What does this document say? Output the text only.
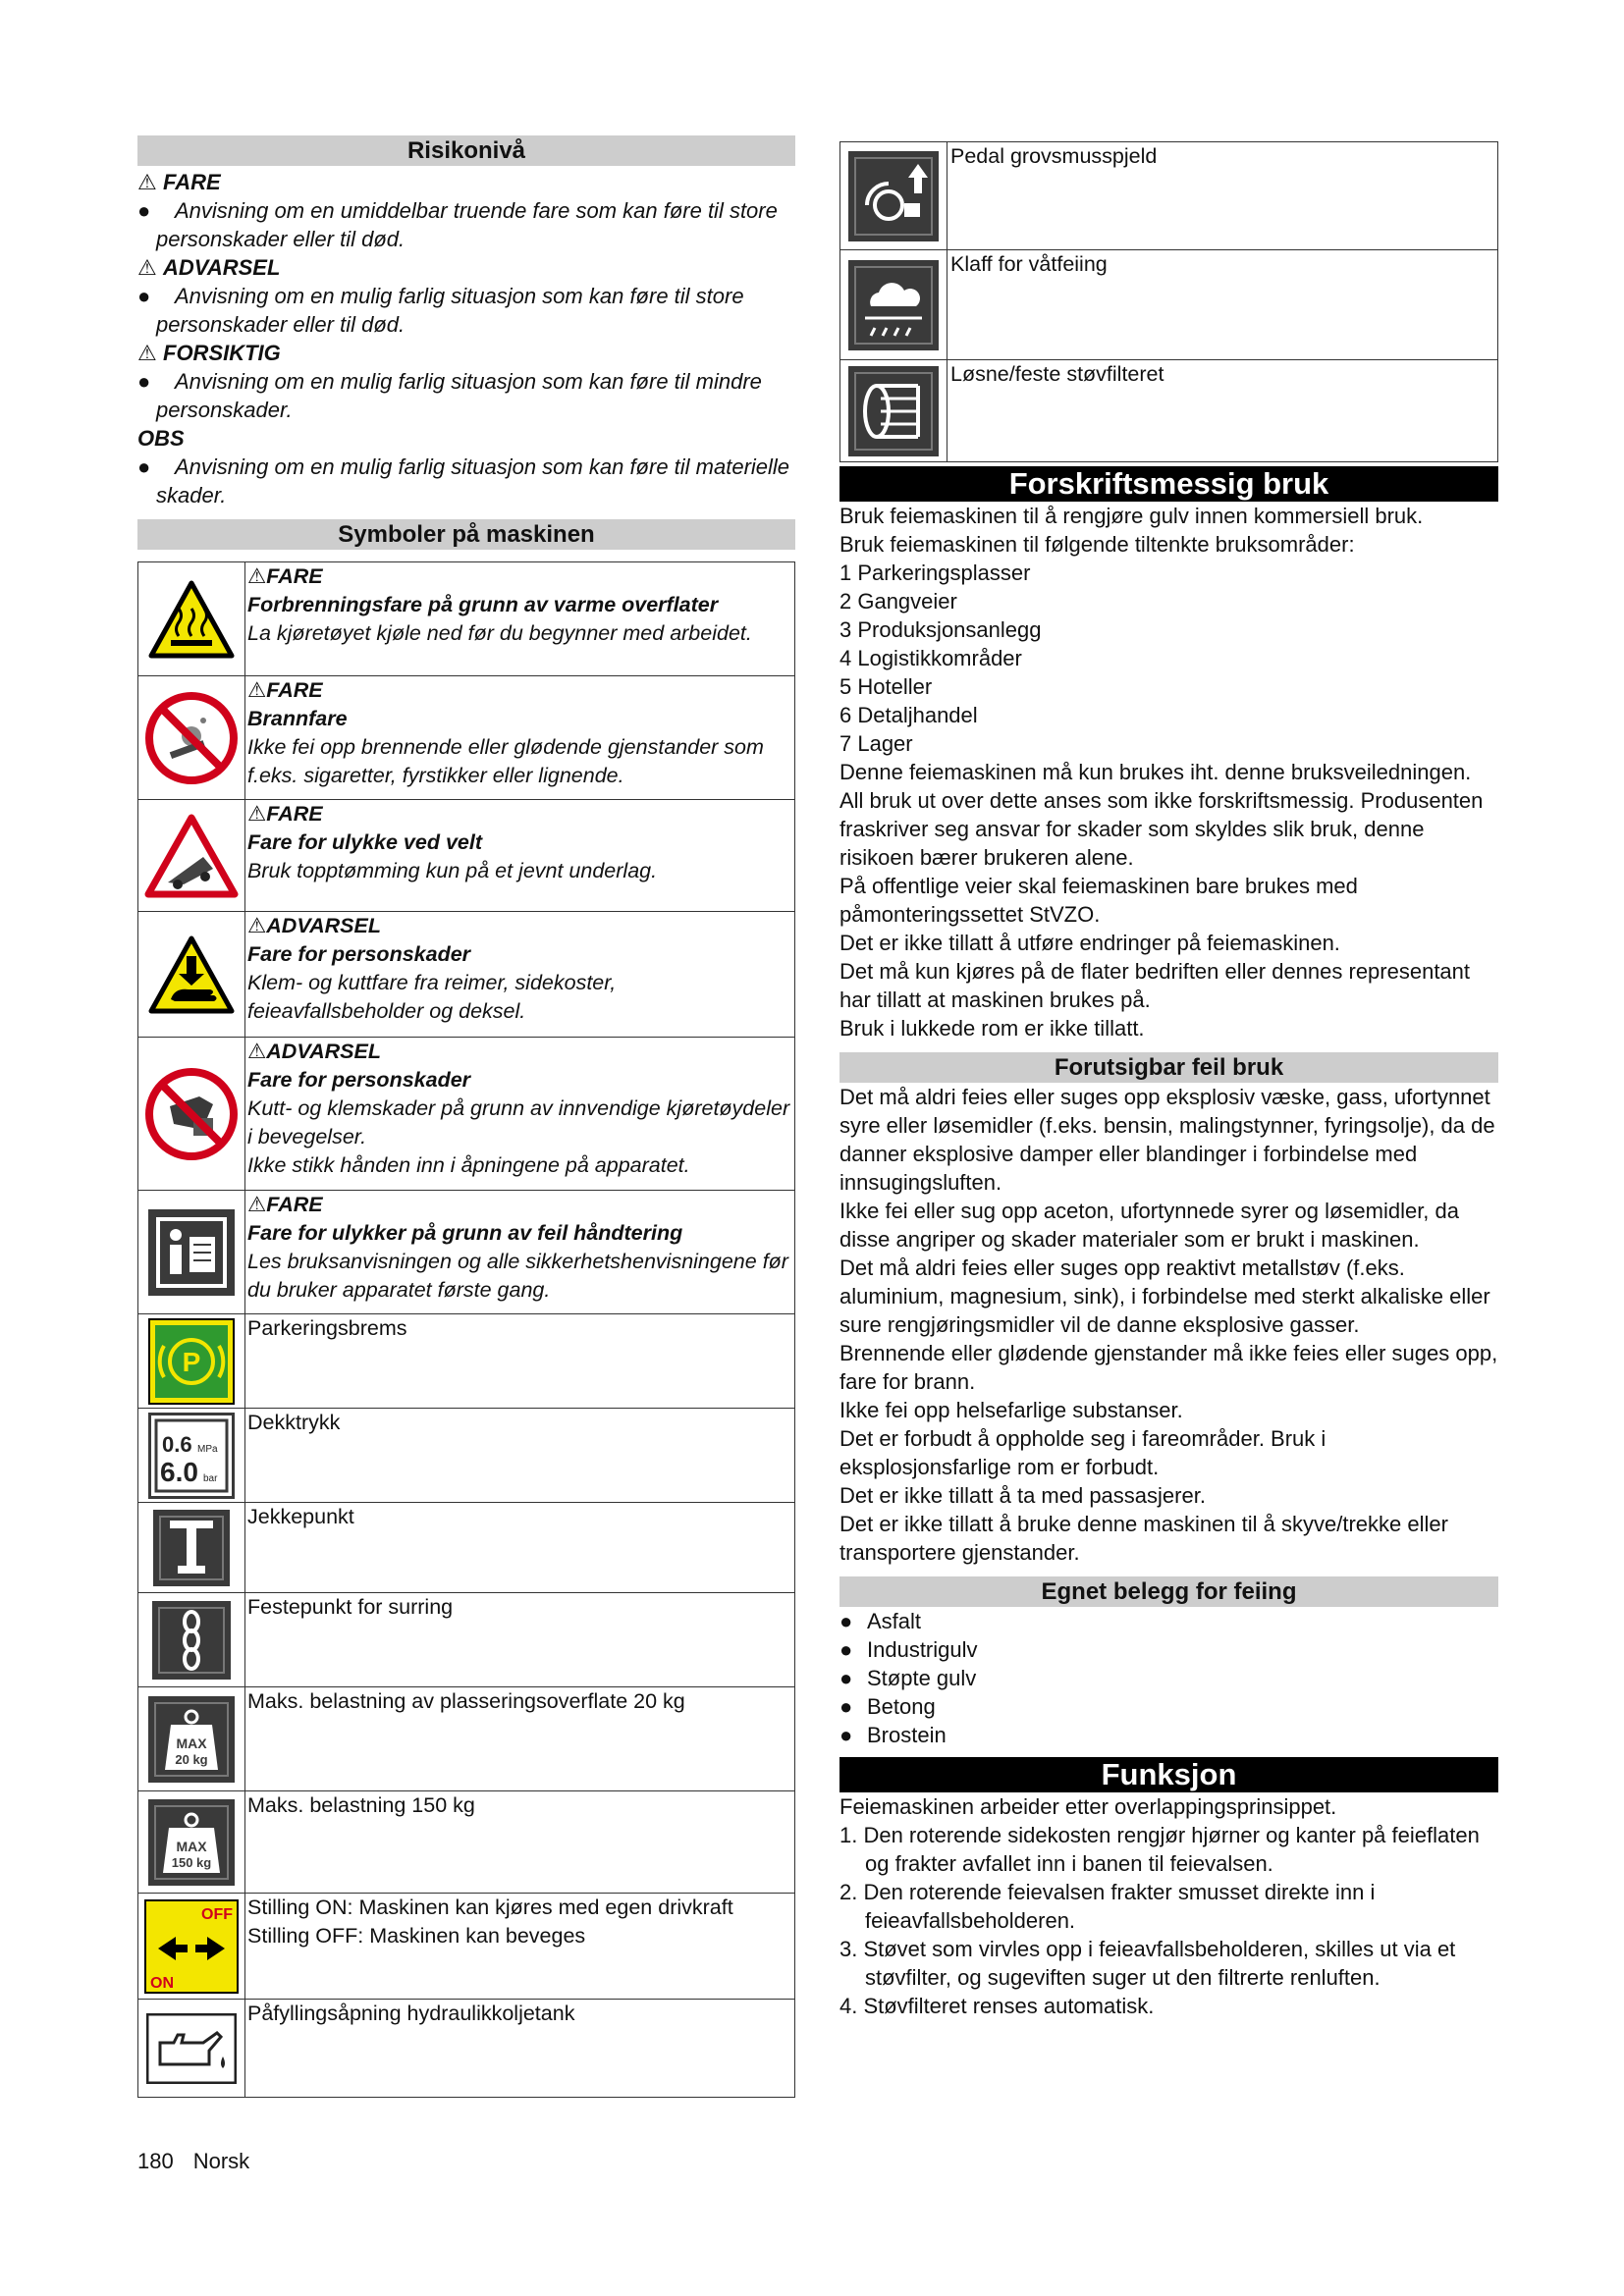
Risikonivå
⚠ FARE
●	Anvisning om en umiddelbar truende fare som kan føre til store personskader eller til død.
⚠ ADVARSEL
●	Anvisning om en mulig farlig situasjon som kan føre til store personskader eller til død.
⚠ FORSIKTIG
●	Anvisning om en mulig farlig situasjon som kan føre til mindre personskader.
OBS
●	Anvisning om en mulig farlig situasjon som kan føre til materielle skader.
Symboler på maskinen

⚠FARE
Forbrenningsfare på grunn av varme overflater
La kjøretøyet kjøle ned før du begynner med arbeidet.

⚠FARE
Brannfare
Ikke fei opp brennende eller glødende gjenstander som f.eks. sigaretter, fyrstikker eller lignende.

⚠FARE
Fare for ulykke ved velt
Bruk topptømming kun på et jevnt underlag.

⚠ADVARSEL
Fare for personskader
Klem- og kuttfare fra reimer, sidekoster, feieavfallsbeholder og deksel.

⚠ADVARSEL
Fare for personskader
Kutt- og klemskader på grunn av innvendige kjøretøydeler i bevegelser.
Ikke stikk hånden inn i åpningene på apparatet.

⚠FARE
Fare for ulykker på grunn av feil håndtering
Les bruksanvisningen og alle sikkerhetshenvisningene før du bruker apparatet første gang.

P	Parkeringsbrems

0.6 MPa
6.0 bar	Dekktrykk

Jekkepunkt

Festepunkt for surring

MAX
20 kg	Maks. belastning av plasseringsoverflate 20 kg

MAX
150 kg	Maks. belastning 150 kg

OFF
ON	Stilling ON: Maskinen kan kjøres med egen drivkraft
Stilling OFF: Maskinen kan beveges

Påfyllingsåpning hydraulikkoljetank
	Pedal grovsmusspjeld

	Klaff for våtfeiing

	Løsne/feste støvfilteret
Forskriftsmessig bruk

Bruk feiemaskinen til å rengjøre gulv innen kommersiell bruk.

Bruk feiemaskinen til følgende tiltenkte bruksområder:

1 Parkeringsplasser

2 Gangveier

3 Produksjonsanlegg

4 Logistikkområder

5 Hoteller

6 Detaljhandel

7 Lager

Denne feiemaskinen må kun brukes iht. denne bruksveiledningen. All bruk ut over dette anses som ikke forskriftsmessig. Produsenten fraskriver seg ansvar for skader som skyldes slik bruk, denne risikoen bærer brukeren alene.

På offentlige veier skal feiemaskinen bare brukes med påmonteringssettet StVZO.

Det er ikke tillatt å utføre endringer på feiemaskinen.

Det må kun kjøres på de flater bedriften eller dennes representant har tillatt at maskinen brukes på.

Bruk i lukkede rom er ikke tillatt.

Forutsigbar feil bruk

Det må aldri feies eller suges opp eksplosiv væske, gass, ufortynnet syre eller løsemidler (f.eks. bensin, malingstynner, fyringsolje), da de danner eksplosive damper eller blandinger i forbindelse med innsugingsluften.

Ikke fei eller sug opp aceton, ufortynnede syrer og løsemidler, da disse angriper og skader materialer som er brukt i maskinen.

Det må aldri feies eller suges opp reaktivt metallstøv (f.eks. aluminium, magnesium, sink), i forbindelse med sterkt alkaliske eller sure rengjøringsmidler vil de danne eksplosive gasser.

Brennende eller glødende gjenstander må ikke feies eller suges opp, fare for brann.

Ikke fei opp helsefarlige substanser.

Det er forbudt å oppholde seg i fareområder. Bruk i eksplosjonsfarlige rom er forbudt.

Det er ikke tillatt å ta med passasjerer.

Det er ikke tillatt å bruke denne maskinen til å skyve/trekke eller transportere gjenstander.

Egnet belegg for feiing
● Asfalt
● Industrigulv
● Støpte gulv
● Betong
● Brostein
Funksjon

Feiemaskinen arbeider etter overlappingsprinsippet.

1. Den roterende sidekosten rengjør hjørner og kanter på feieflaten og frakter avfallet inn i banen til feievalsen.
2. Den roterende feievalsen frakter smusset direkte inn i feieavfallsbeholderen.
3. Støvet som virvles opp i feieavfallsbeholderen, skilles ut via et støvfilter, og sugeviften suger ut den filtrerte renluften.
4. Støvfilteret renses automatisk.
180 Norsk
